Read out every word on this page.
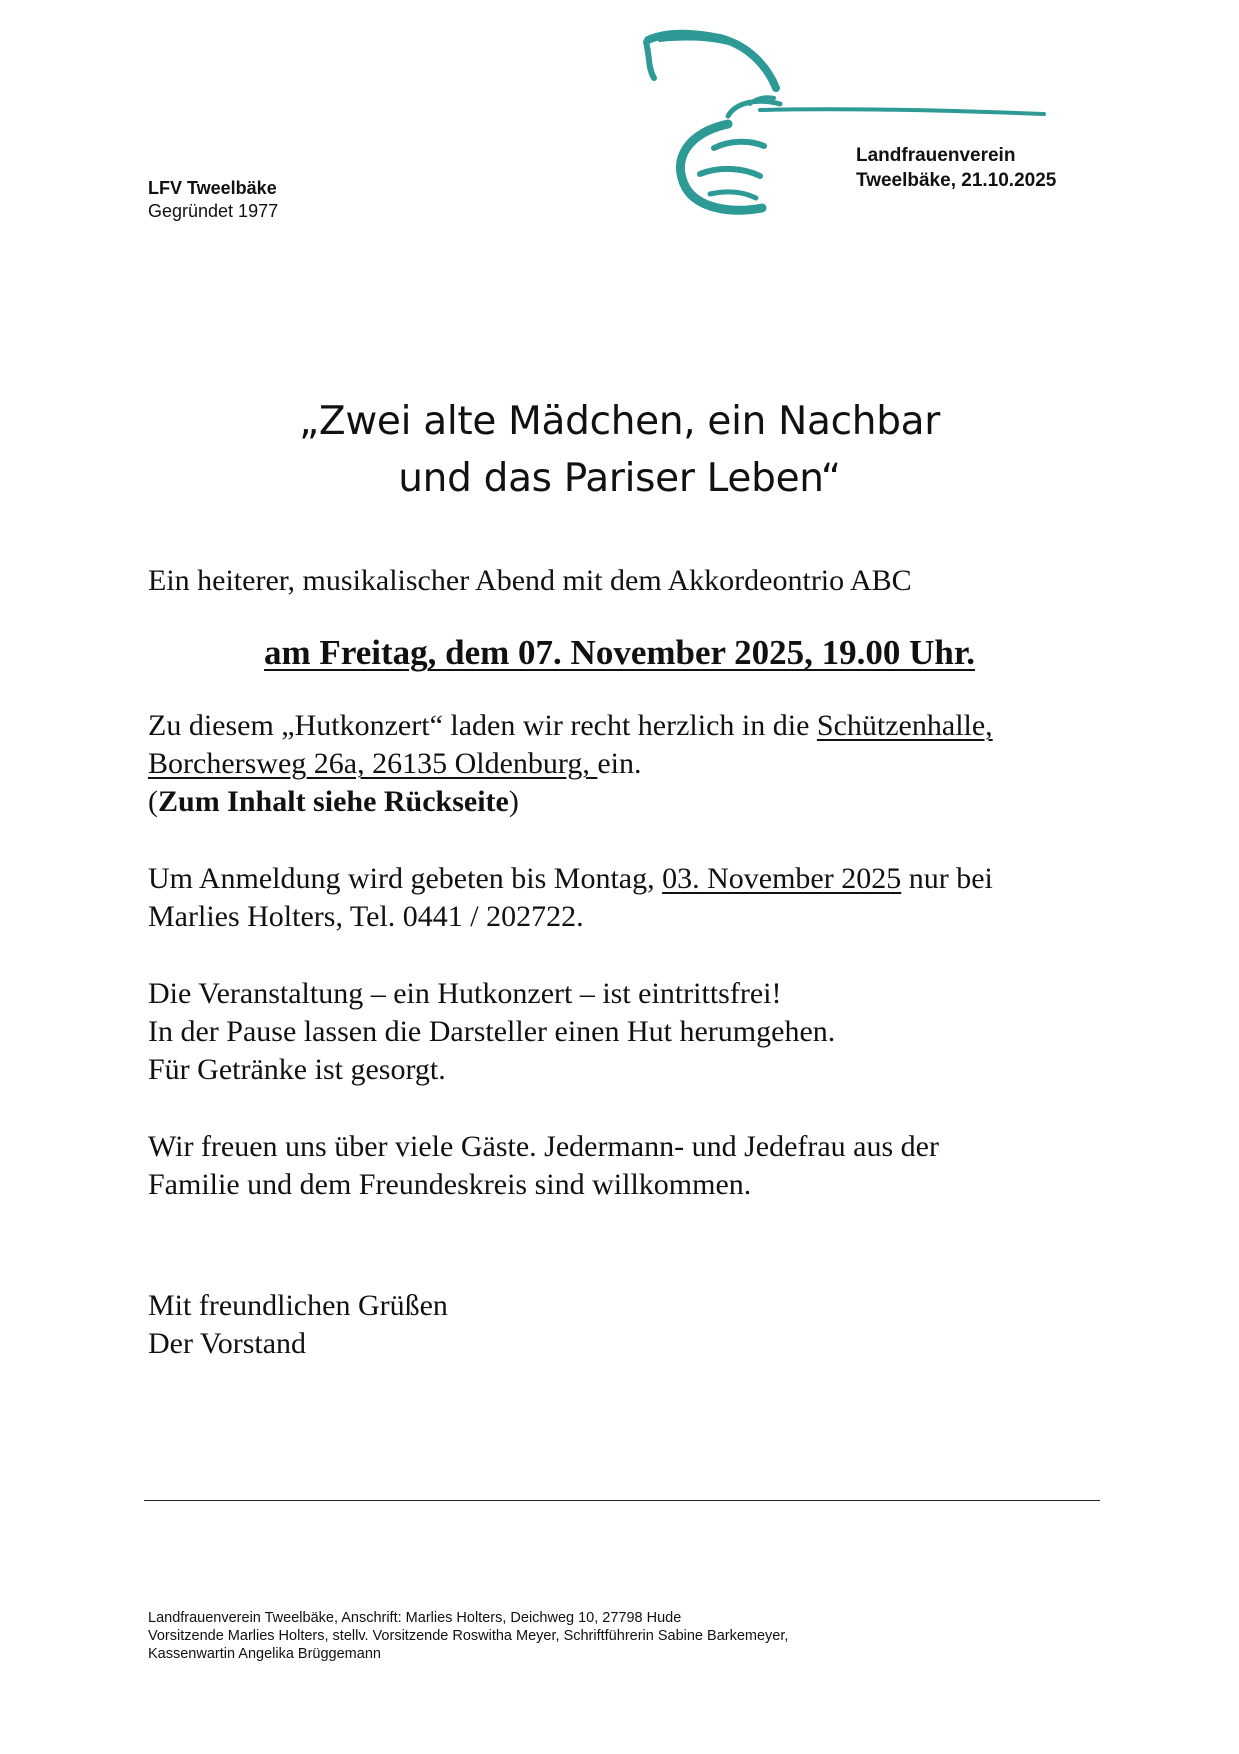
LFV Tweelbäke
Gegründet 1977
Landfrauenverein
Tweelbäke, 21.10.2025
„Zwei alte Mädchen, ein Nachbar
und das Pariser Leben“

Ein heiterer, musikalischer Abend mit dem Akkordeontrio ABC

am Freitag, dem 07. November 2025, 19.00 Uhr.

Zu diesem „Hutkonzert“ laden wir recht herzlich in die Schützenhalle,

Borchersweg 26a, 26135 Oldenburg, ein.

(Zum Inhalt siehe Rückseite)

Um Anmeldung wird gebeten bis Montag, 03. November 2025 nur bei

Marlies Holters, Tel. 0441 / 202722.

Die Veranstaltung – ein Hutkonzert – ist eintrittsfrei!

In der Pause lassen die Darsteller einen Hut herumgehen.

Für Getränke ist gesorgt.

Wir freuen uns über viele Gäste. Jedermann- und Jedefrau aus der

Familie und dem Freundeskreis sind willkommen.

Mit freundlichen Grüßen

Der Vorstand

Landfrauenverein Tweelbäke, Anschrift: Marlies Holters, Deichweg 10, 27798 Hude
Vorsitzende Marlies Holters, stellv. Vorsitzende Roswitha Meyer, Schriftführerin Sabine Barkemeyer,
Kassenwartin Angelika Brüggemann
